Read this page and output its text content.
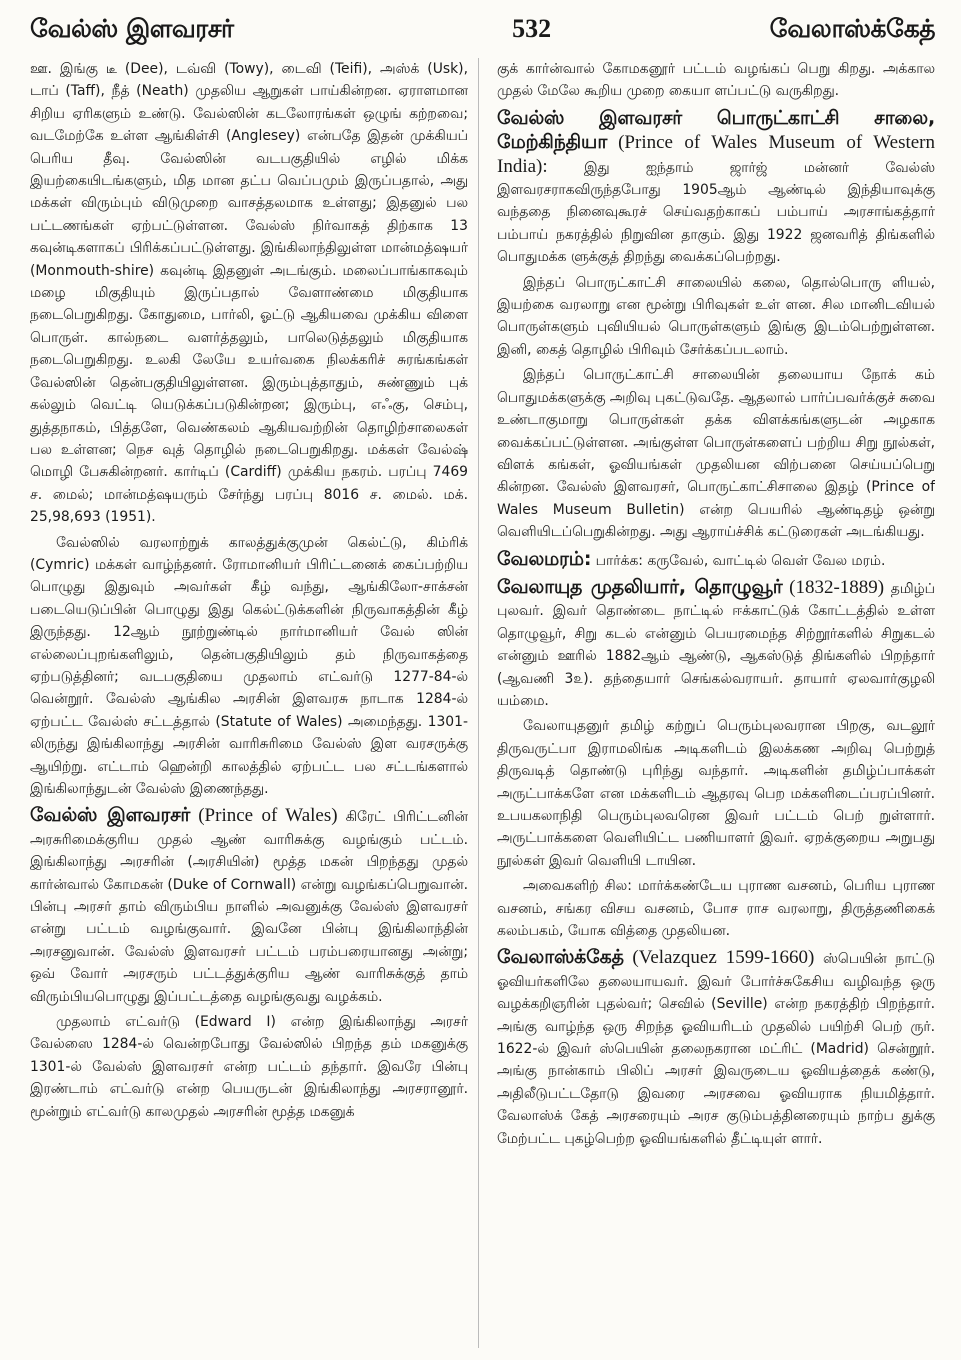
வேல்ஸ் இளவரசர்	532	வேலாஸ்க்கேத்

ஊ. இங்கு டீ (Dee), டவ்வி (Towy), டைவி (Teifi), அஸ்க் (Usk), டாப் (Taff), நீத் (Neath) முதலிய ஆறுகள் பாய்கின்றன. ஏராளமான சிறிய ஏரிகளும் உண்டு. வேல்ஸின் கடலோரங்கள் ஒழுங் கற்றவை; வடமேற்கே உள்ள ஆங்கிள்சி (Anglesey) என்பதே இதன் முக்கியப் பெரிய தீவு. வேல்ஸின் வடபகுதியில் எழில் மிக்க இயற்கையிடங்களும், மித மான தட்ப வெப்பமும் இருப்பதால், அது மக்கள் விரும்பும் விடுமுறை வாசத்தலமாக உள்ளது; இதனுல் பல பட்டணங்கள் ஏற்பட்டுள்ளன. வேல்ஸ் நிர்வாகத் திற்காக 13 கவுன்டிகளாகப் பிரிக்கப்பட்டுள்ளது. இங்கிலாந்திலுள்ள மான்மத்ஷயர் (Monmouth-shire) கவுன்டி இதனுள் அடங்கும். மலைப்பாங்காகவும் மழை மிகுதியும் இருப்பதால் வேளாண்மை மிகுதியாக நடைபெறுகிறது. கோதுமை, பார்லி, ஓட்டு ஆகியவை முக்கிய விளை பொருள். கால்நடை வளர்த்தலும், பாலெடுத்தலும் மிகுதியாக நடைபெறுகிறது. உலகி லேயே உயர்வகை நிலக்கரிச் சுரங்கங்கள் வேல்ஸின் தென்பகுதியிலுள்ளன. இரும்புத்தாதும், சுண்ணும் புக் கல்லும் வெட்டி யெடுக்கப்படுகின்றன; இரும்பு, எஃகு, செம்பு, துத்தநாகம், பித்தளே, வெண்கலம் ஆகியவற்றின் தொழிற்சாலைகள் பல உள்ளன; நெச வுத் தொழில் நடைபெறுகிறது. மக்கள் வேல்ஷ் மொழி பேசுகின்றனர். கார்டிப் (Cardiff) முக்கிய நகரம். பரப்பு 7469 ச. மைல்; மான்மத்ஷயரும் சேர்ந்து பரப்பு 8016 ச. மைல். மக். 25,98,693 (1951).

வேல்ஸில் வரலாற்றுக் காலத்துக்குமுன் கெல்ட்டு, கிம்ரிக் (Cymric) மக்கள் வாழ்ந்தனர். ரோமானியர் பிரிட்டனைக் கைப்பற்றிய பொழுது இதுவும் அவர்கள் கீழ் வந்து, ஆங்கிலோ-சாக்சன் படையெடுப்பின் பொழுது இது கெல்ட்டுக்களின் நிருவாகத்தின் கீழ் இருந்தது. 12ஆம் நூற்றுண்டில் நார்மானியர் வேல் ஸின் எல்லைப்புறங்களிலும், தென்பகுதியிலும் தம் நிருவாகத்தை ஏற்படுத்தினர்; வடபகுதியை முதலாம் எட்வர்டு 1277-84-ல் வென்றூர். வேல்ஸ் ஆங்கில அரசின் இளவரசு நாடாக 1284-ல் ஏற்பட்ட வேல்ஸ் சட்டத்தால் (Statute of Wales) அமைந்தது. 1301-லிருந்து இங்கிலாந்து அரசின் வாரிசுரிமை வேல்ஸ் இள வரசருக்கு ஆயிற்று. எட்டாம் ஹென்றி காலத்தில் ஏற்பட்ட பல சட்டங்களால் இங்கிலாந்துடன் வேல்ஸ் இணைந்தது.

வேல்ஸ் இளவரசர் (Prince of Wales) கிரேட் பிரிட்டனின் அரசுரிமைக்குரிய முதல் ஆண் வாரிசுக்கு வழங்கும் பட்டம். இங்கிலாந்து அரசரின் (அரசியின்) மூத்த மகன் பிறந்தது முதல் கார்ன்வால் கோமகன் (Duke of Cornwall) என்று வழங்கப்பெறுவான். பின்பு அரசர் தாம் விரும்பிய நாளில் அவனுக்கு வேல்ஸ் இளவரசர் என்று பட்டம் வழங்குவார். இவனே பின்பு இங்கிலாந்தின் அரசனுவான். வேல்ஸ் இளவரசர் பட்டம் பரம்பரையானது அன்று; ஒவ் வோர் அரசரும் பட்டத்துக்குரிய ஆண் வாரிசுக்குத் தாம் விரும்பியபொழுது இப்பட்டத்தை வழங்குவது வழக்கம்.

முதலாம் எட்வர்டு (Edward I) என்ற இங்கிலாந்து அரசர் வேல்ஸை 1284-ல் வென்றபோது வேல்ஸில் பிறந்த தம் மகனுக்கு 1301-ல் வேல்ஸ் இளவரசர் என்ற பட்டம் தந்தார். இவரே பின்பு இரண்டாம் எட்வர்டு என்ற பெயருடன் இங்கிலாந்து அரசரானூர். மூன்றும் எட்வர்டு காலமுதல் அரசரின் மூத்த மகனுக்

குக் கார்ன்வால் கோமகனூர் பட்டம் வழங்கப் பெறு கிறது. அக்கால முதல் மேலே கூறிய முறை கையா ளப்பட்டு வருகிறது.

வேல்ஸ் இளவரசர் பொருட்காட்சி சாலை, மேற்கிந்தியா (Prince of Wales Museum of Western India):	இது ஐந்தாம் ஜார்ஜ் மன்னர் வேல்ஸ் இளவரசராகவிருந்தபோது 1905ஆம் ஆண்டில் இந்தியாவுக்கு வந்ததை நினைவுகூரச் செய்வதற்காகப் பம்பாய் அரசாங்கத்தார் பம்பாய் நகரத்தில் நிறுவின தாகும். இது 1922 ஜனவரித் திங்களில் பொதுமக்க ளுக்குத் திறந்து வைக்கப்பெற்றது.

இந்தப் பொருட்காட்சி சாலையில் கலை, தொல்பொரு ளியல், இயற்கை வரலாறு என மூன்று பிரிவுகள் உள் ளன. சில மானிடவியல் பொருள்களும் புவியியல் பொருள்களும் இங்கு இடம்பெற்றுள்ளன. இனி, கைத் தொழில் பிரிவும் சேர்க்கப்படலாம்.

இந்தப் பொருட்காட்சி சாலையின் தலையாய நோக் கம் பொதுமக்களுக்கு அறிவு புகட்டுவதே. ஆதலால் பார்ப்பவர்க்குச் சுவை உண்டாகுமாறு பொருள்கள் தக்க விளக்கங்களுடன் அழகாக வைக்கப்பட்டுள்ளன. அங்குள்ள பொருள்களைப் பற்றிய சிறு நூல்கள், விளக் கங்கள், ஓவியங்கள் முதலியன விற்பனை செய்யப்பெறு கின்றன. வேல்ஸ் இளவரசர், பொருட்காட்சிசாலை இதழ் (Prince of Wales Museum Bulletin) என்ற பெயரில் ஆண்டிதழ் ஒன்று வெளியிடப்பெறுகின்றது. அது ஆராய்ச்சிக் கட்டுரைகள் அடங்கியது.

வேலமரம்: பார்க்க: கருவேல், வாட்டில் வெள் வேல மரம்.

வேலாயுத முதலியார், தொழுவூர் (1832-1889) தமிழ்ப் புலவர். இவர் தொண்டை நாட்டில் ஈக்காட்டுக் கோட்டத்தில் உள்ள தொழுவூர், சிறு கடல் என்னும் பெயரமைந்த சிற்றூர்களில் சிறுகடல் என்னும் ஊரில் 1882ஆம் ஆண்டு, ஆகஸ்டுத் திங்களில் பிறந்தார் (ஆவணி 3௨). தந்தையார் செங்கல்வராயர். தாயார் ஏலவார்குழலி யம்மை.

வேலாயுதனுர் தமிழ் கற்றுப் பெரும்புலவரான பிறகு, வடலூர் திருவருட்பா இராமலிங்க அடிகளிடம் இலக்கண அறிவு பெற்றுத் திருவடித் தொண்டு புரிந்து வந்தார். அடிகளின் தமிழ்ப்பாக்கள் அருட்பாக்களே என மக்களிடம் ஆதரவு பெற மக்களிடைப்பரப்பினர். உபயகலாநிதி பெரும்புலவரென இவர் பட்டம் பெற் றுள்ளார். அருட்பாக்களை வெளியிட்ட பணியாளர் இவர். ஏறக்குறைய அறுபது நூல்கள் இவர் வெளியி டாயின.

அவைகளிற் சில: மார்க்கண்டேய புராண வசனம், பெரிய புராண வசனம், சங்கர விசய வசனம், போச ராச வரலாறு, திருத்தணிகைக் கலம்பகம், யோக வித்தை முதலியன.

வேலாஸ்க்கேத் (Velazquez 1599-1660) ஸ்பெயின் நாட்டு ஓவியர்களிலே தலையாயவர். இவர் போர்ச்சுகேசிய வழிவந்த ஒரு வழக்கறிஞரின் புதல்வர்; செவில் (Seville) என்ற நகரத்திற் பிறந்தார். அங்கு வாழ்ந்த ஒரு சிறந்த ஓவியரிடம் முதலில் பயிற்சி பெற் ருர். 1622-ல் இவர் ஸ்பெயின் தலைநகரான மட்ரிட் (Madrid) சென்றூர். அங்கு நான்காம் பிலிப் அரசர் இவருடைய ஓவியத்தைக் கண்டு, அதிலீடுபட்டதோடு இவரை அரசவை ஓவியராக நியமித்தார். வேலாஸ்க் கேத் அரசரையும் அரச குடும்பத்தினரையும் நாற்ப துக்கு மேற்பட்ட புகழ்பெற்ற ஓவியங்களில் தீட்டியுள் ளார்.
